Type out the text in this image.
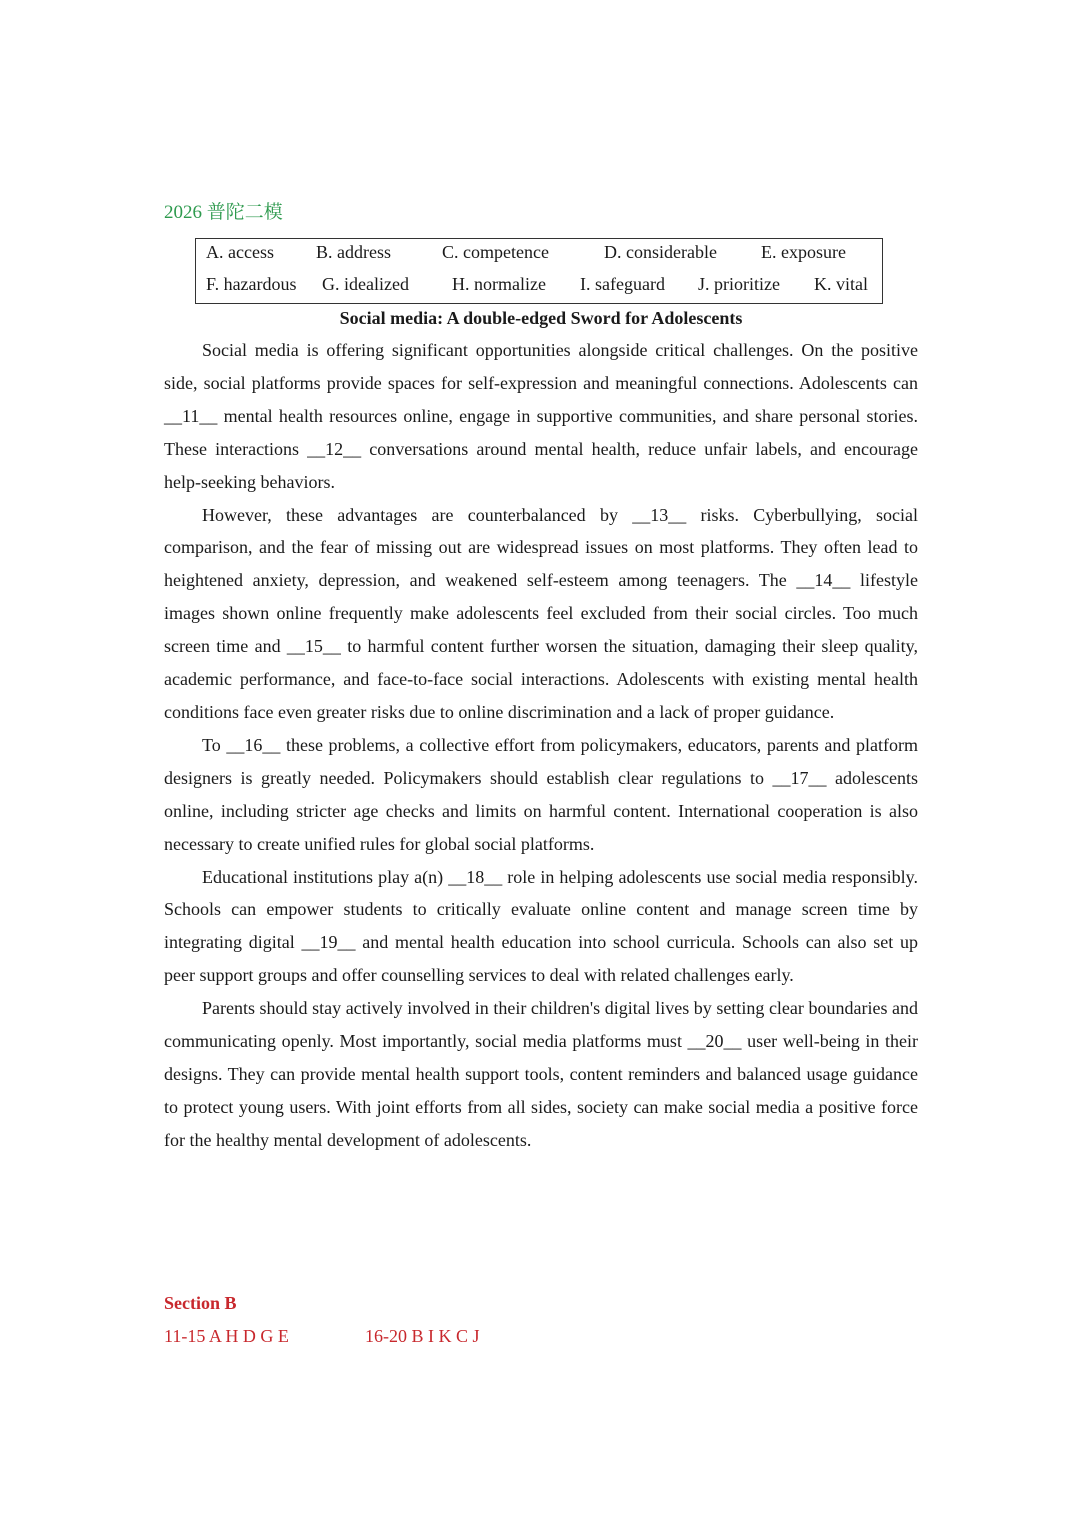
2026 普陀二模
A. access B. address	C. competence	D. considerable E. exposure
F. hazardous G. idealized H. normalize I. safeguard J. prioritize K. vital
Social media: A double-edged Sword for Adolescents

Social media is offering significant opportunities alongside critical challenges. On the positive side, social platforms provide spaces for self-expression and meaningful connections. Adolescents can __11__ mental health resources online, engage in supportive communities, and share personal stories. These interactions __12__ conversations around mental health, reduce unfair labels, and encourage help-seeking behaviors.

However, these advantages are counterbalanced by __13__ risks. Cyberbullying, social comparison, and the fear of missing out are widespread issues on most platforms. They often lead to heightened anxiety, depression, and weakened self-esteem among teenagers. The __14__ lifestyle images shown online frequently make adolescents feel excluded from their social circles. Too much screen time and __15__ to harmful content further worsen the situation, damaging their sleep quality, academic performance, and face-to-face social interactions. Adolescents with existing mental health conditions face even greater risks due to online discrimination and a lack of proper guidance.

To __16__ these problems, a collective effort from policymakers, educators, parents and platform designers is greatly needed. Policymakers should establish clear regulations to __17__ adolescents online, including stricter age checks and limits on harmful content. International cooperation is also necessary to create unified rules for global social platforms.

Educational institutions play a(n) __18__ role in helping adolescents use social media responsibly. Schools can empower students to critically evaluate online content and manage screen time by integrating digital __19__ and mental health education into school curricula. Schools can also set up peer support groups and offer counselling services to deal with related challenges early.

Parents should stay actively involved in their children's digital lives by setting clear boundaries and communicating openly. Most importantly, social media platforms must __20__ user well-being in their designs. They can provide mental health support tools, content reminders and balanced usage guidance to protect young users. With joint efforts from all sides, society can make social media a positive force for the healthy mental development of adolescents.

Section B
11-15 A H D G E	16-20 B I K C J
